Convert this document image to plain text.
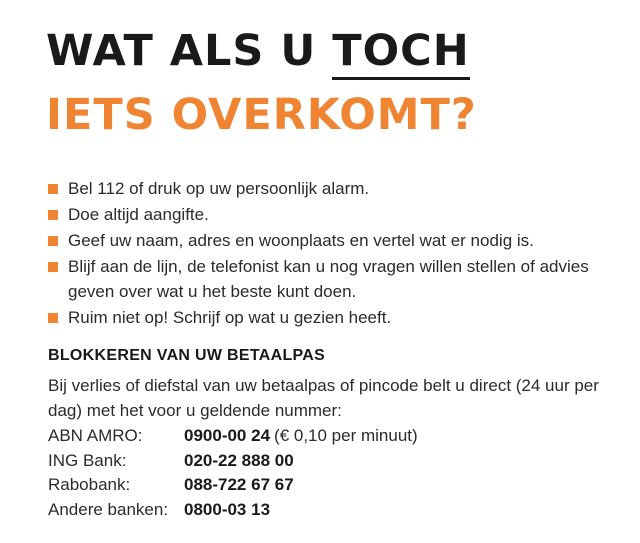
WAT ALS U TOCH
IETS OVERKOMT?
Bel 112 of druk op uw persoonlijk alarm.
Doe altijd aangifte.
Geef uw naam, adres en woonplaats en vertel wat er nodig is.
Blijf aan de lijn, de telefonist kan u nog vragen willen stellen of advies geven over wat u het beste kunt doen.
Ruim niet op! Schrijf op wat u gezien heeft.
BLOKKEREN VAN UW BETAALPAS

Bij verlies of diefstal van uw betaalpas of pincode belt u direct (24 uur per dag) met het voor u geldende nummer:

ABN AMRO:	0900-00 24 (€ 0,10 per minuut)
ING Bank:	020-22 888 00
Rabobank:	088-722 67 67
Andere banken: 0800-03 13
